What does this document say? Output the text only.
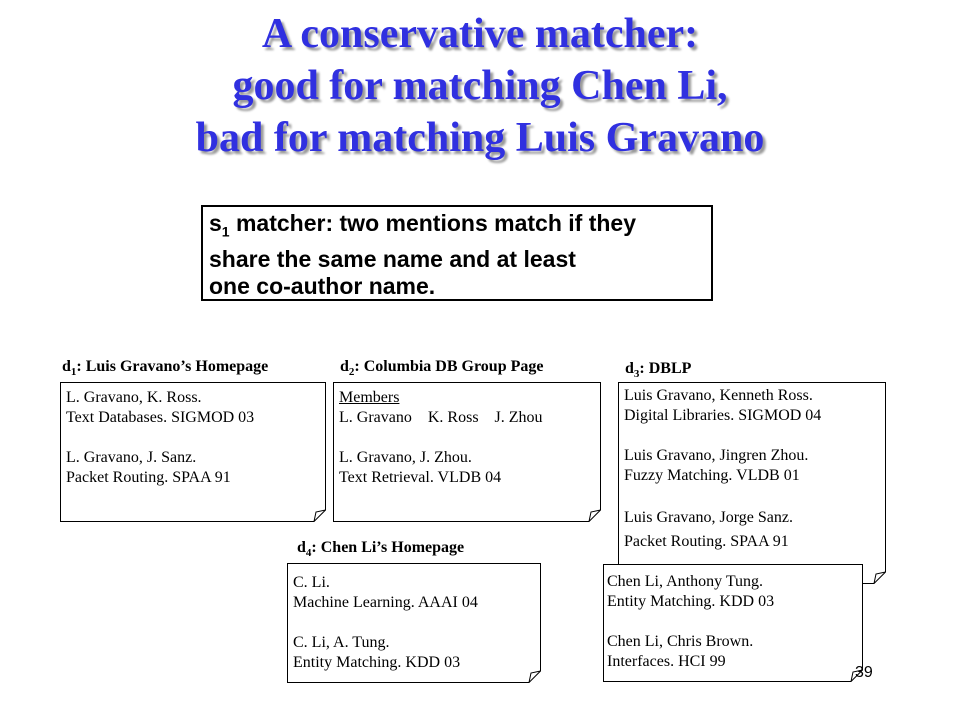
A conservative matcher:
good for matching Chen Li,
bad for matching Luis Gravano
$s_1$ matcher: two mentions match if they
share the same name and at least
one co-author name.
$d_1$: Luis Gravano’s Homepage
L. Gravano, K. Ross.
Text Databases. SIGMOD 03
L. Gravano, J. Sanz.
Packet Routing. SPAA 91
$d_2$: Columbia DB Group Page
Members
L. Gravano    K. Ross    J. Zhou
L. Gravano, J. Zhou.
Text Retrieval. VLDB 04
$d_3$: DBLP
Luis Gravano, Kenneth Ross.
Digital Libraries. SIGMOD 04
Luis Gravano, Jingren Zhou.
Fuzzy Matching. VLDB 01
Luis Gravano, Jorge Sanz.
Packet Routing. SPAA 91
Chen Li, Anthony Tung.
Entity Matching. KDD 03
Chen Li, Chris Brown.
Interfaces. HCI 99
$d_4$: Chen Li’s Homepage
C. Li.
Machine Learning. AAAI 04
C. Li, A. Tung.
Entity Matching. KDD 03
39
